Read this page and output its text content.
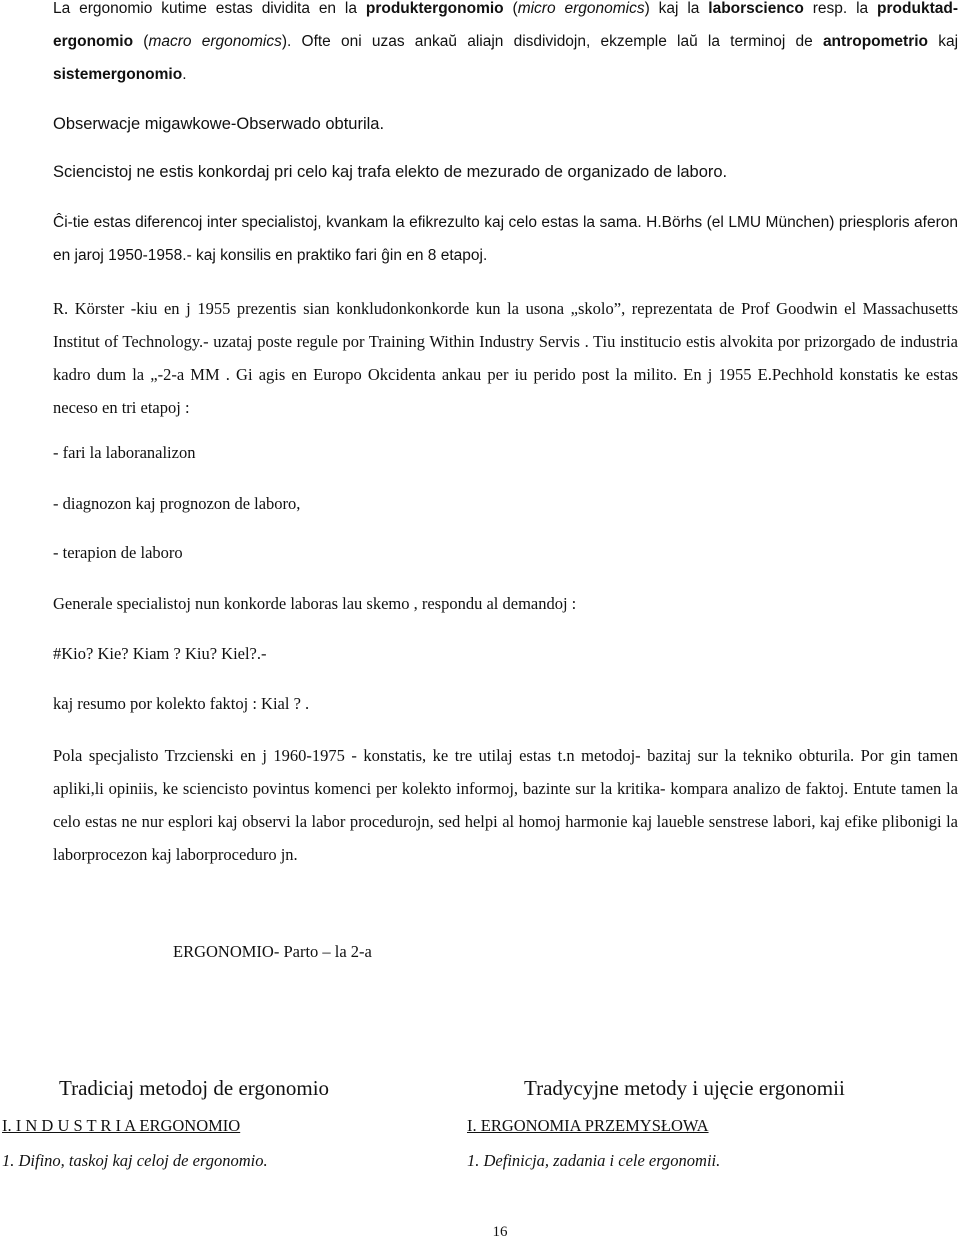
La ergonomio kutime estas dividita en la produktergonomio (micro ergonomics) kaj la laborscienco resp. la produktad-ergonomio (macro ergonomics). Ofte oni uzas ankaŭ aliajn disdividojn, ekzemple laŭ la terminoj de antropometrio kaj sistemergonomio.

Obserwacje migawkowe-Obserwado obturila.

Sciencistoj ne estis konkordaj pri celo kaj trafa elekto de mezurado de organizado de laboro.

Ĉi-tie estas diferencoj inter specialistoj, kvankam la efikrezulto kaj celo estas la sama. H.Börhs (el LMU München) priesploris aferon en jaroj 1950-1958.- kaj konsilis en praktiko fari ĝin en 8 etapoj.

R. Körster -kiu en j 1955 prezentis sian konkludonkonkorde kun la usona „skolo”, reprezentata de Prof Goodwin el Massachusetts Institut of Technology.- uzataj poste regule por Training Within Industry Servis . Tiu institucio estis alvokita por prizorgado de industria kadro dum la „-2-a MM . Gi agis en Europo Okcidenta ankau per iu perido post la milito. En j 1955 E.Pechhold konstatis ke estas neceso en tri etapoj :

- fari la laboranalizon

- diagnozon kaj prognozon de laboro,

- terapion de laboro

Generale specialistoj nun konkorde laboras lau skemo , respondu al demandoj :

#Kio? Kie? Kiam ? Kiu? Kiel?.-

kaj resumo por kolekto faktoj : Kial ? .

Pola specjalisto Trzcienski en j 1960-1975 - konstatis, ke tre utilaj estas t.n metodoj- bazitaj sur la tekniko obturila. Por gin tamen apliki,li opiniis, ke sciencisto povintus komenci per kolekto informoj, bazinte sur la kritika- kompara analizo de faktoj. Entute tamen la celo estas ne nur esplori kaj observi la labor procedurojn, sed helpi al homoj harmonie kaj laueble senstrese labori, kaj efike plibonigi la laborprocezon kaj laborproceduro jn.

ERGONOMIO- Parto – la 2-a

Tradiciaj metodoj de ergonomio

I. I N D U S T R I A ERGONOMIO

1. Difino, taskoj kaj celoj de ergonomio.

Tradycyjne metody i ujęcie ergonomii

I. ERGONOMIA PRZEMYSŁOWA

1. Definicja, zadania i cele ergonomii.

16
